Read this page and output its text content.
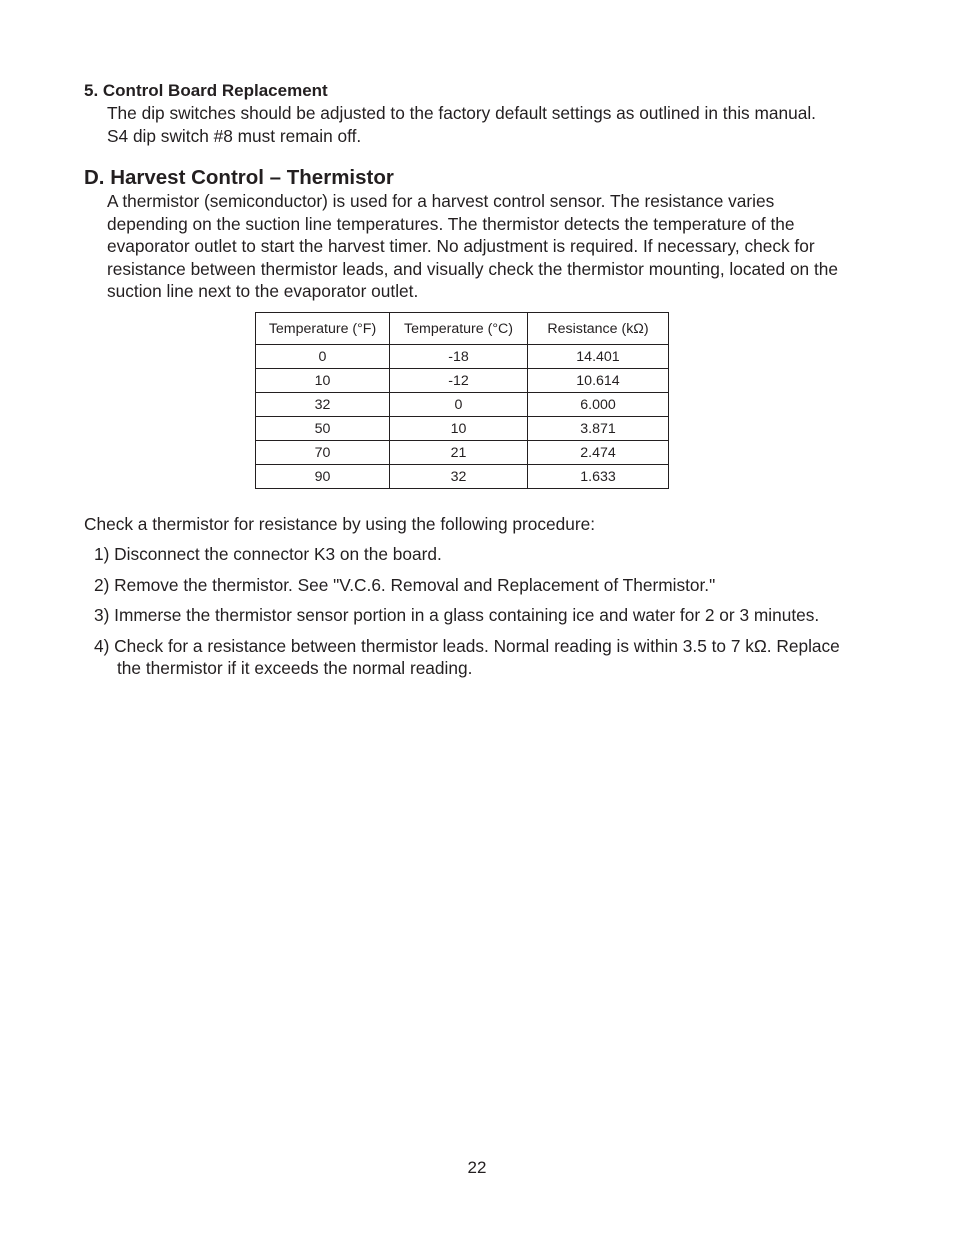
5. Control Board Replacement

The dip switches should be adjusted to the factory default settings as outlined in this manual. S4 dip switch #8 must remain off.

D. Harvest Control – Thermistor

A thermistor (semiconductor) is used for a harvest control sensor. The resistance varies depending on the suction line temperatures. The thermistor detects the temperature of the evaporator outlet to start the harvest timer. No adjustment is required. If necessary, check for resistance between thermistor leads, and visually check the thermistor mounting, located on the suction line next to the evaporator outlet.

Temperature (°F)	Temperature (°C)	Resistance (kΩ)
0	-18	14.401
10	-12	10.614
32	0	6.000
50	10	3.871
70	21	2.474
90	32	1.633

Check a thermistor for resistance by using the following procedure:

1) Disconnect the connector K3 on the board.
2) Remove the thermistor. See "V.C.6. Removal and Replacement of Thermistor."
3) Immerse the thermistor sensor portion in a glass containing ice and water for 2 or 3 minutes.
4) Check for a resistance between thermistor leads. Normal reading is within 3.5 to 7 kΩ. Replace the thermistor if it exceeds the normal reading.
22
